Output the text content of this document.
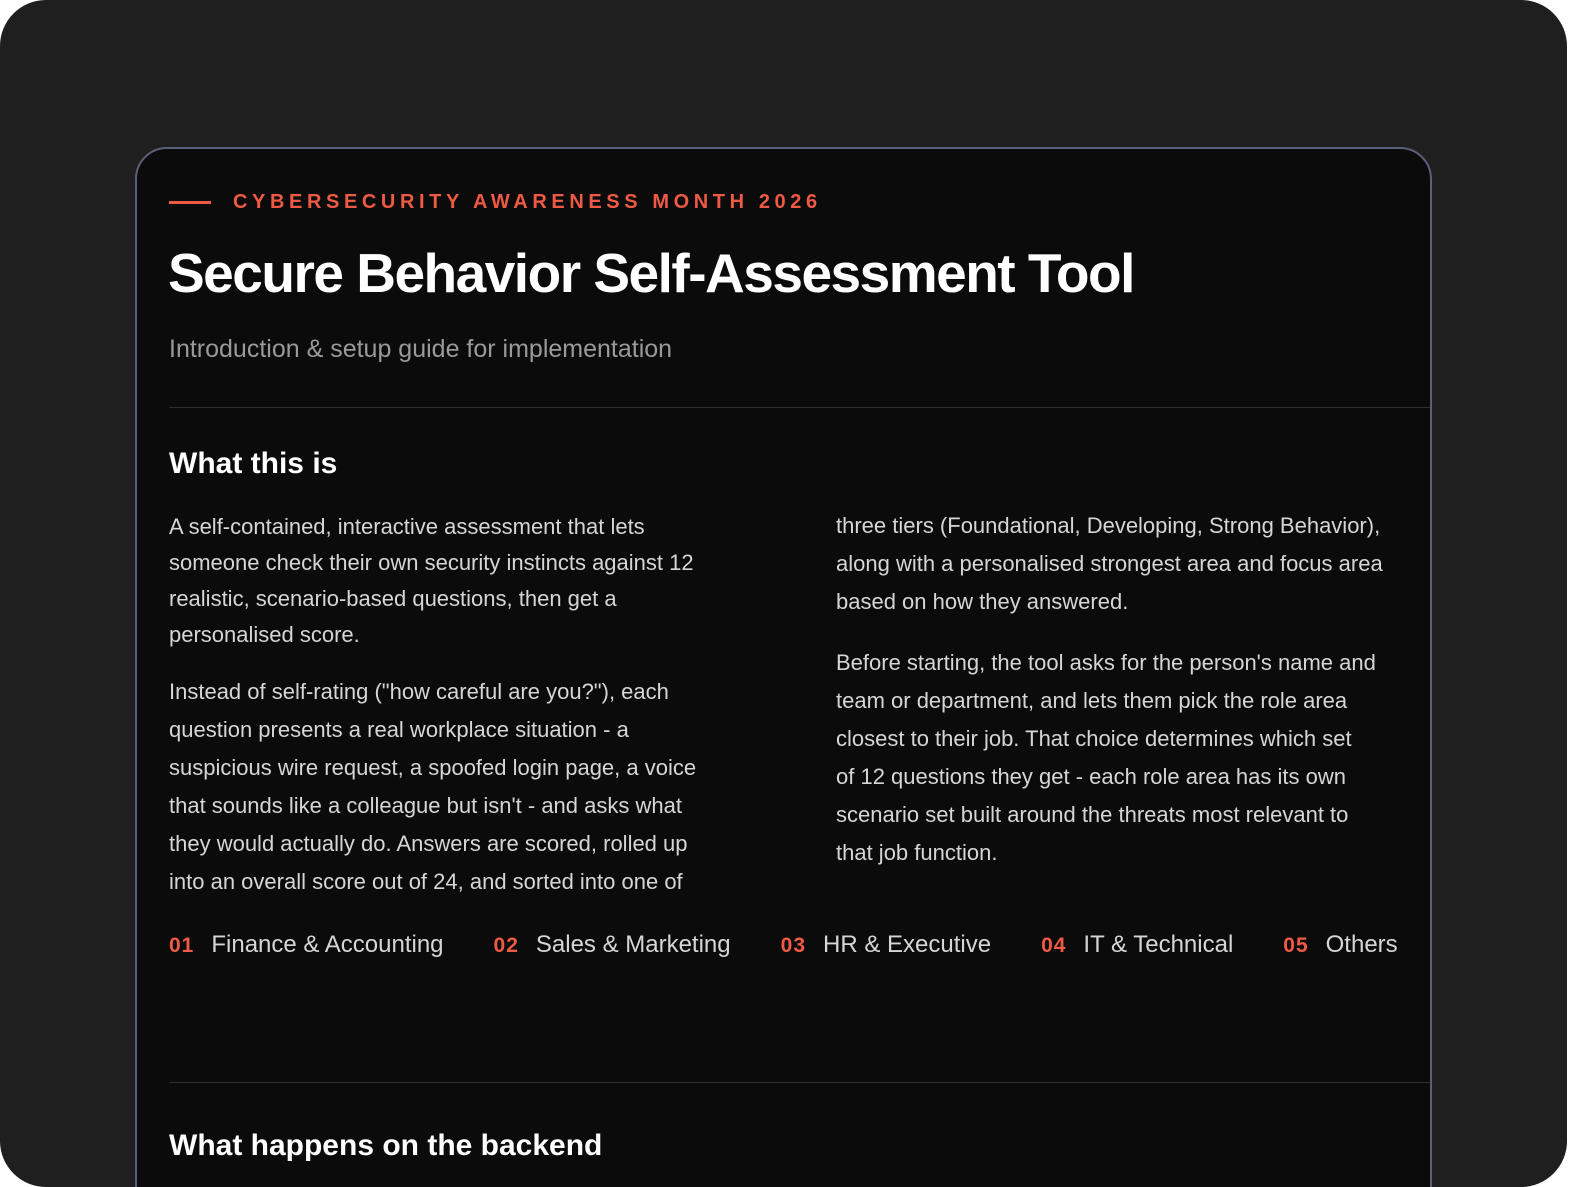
CYBERSECURITY AWARENESS MONTH 2026
Secure Behavior Self-Assessment Tool
Introduction & setup guide for implementation
What this is

A self-contained, interactive assessment that lets
someone check their own security instincts against 12
realistic, scenario-based questions, then get a
personalised score.

Instead of self-rating ("how careful are you?"), each
question presents a real workplace situation - a
suspicious wire request, a spoofed login page, a voice
that sounds like a colleague but isn't - and asks what
they would actually do. Answers are scored, rolled up
into an overall score out of 24, and sorted into one of

three tiers (Foundational, Developing, Strong Behavior),
along with a personalised strongest area and focus area
based on how they answered.

Before starting, the tool asks for the person's name and
team or department, and lets them pick the role area
closest to their job. That choice determines which set
of 12 questions they get - each role area has its own
scenario set built around the threats most relevant to
that job function.

01 Finance & Accounting 02 Sales & Marketing 03 HR & Executive 04 IT & Technical 05 Others
What happens on the backend
